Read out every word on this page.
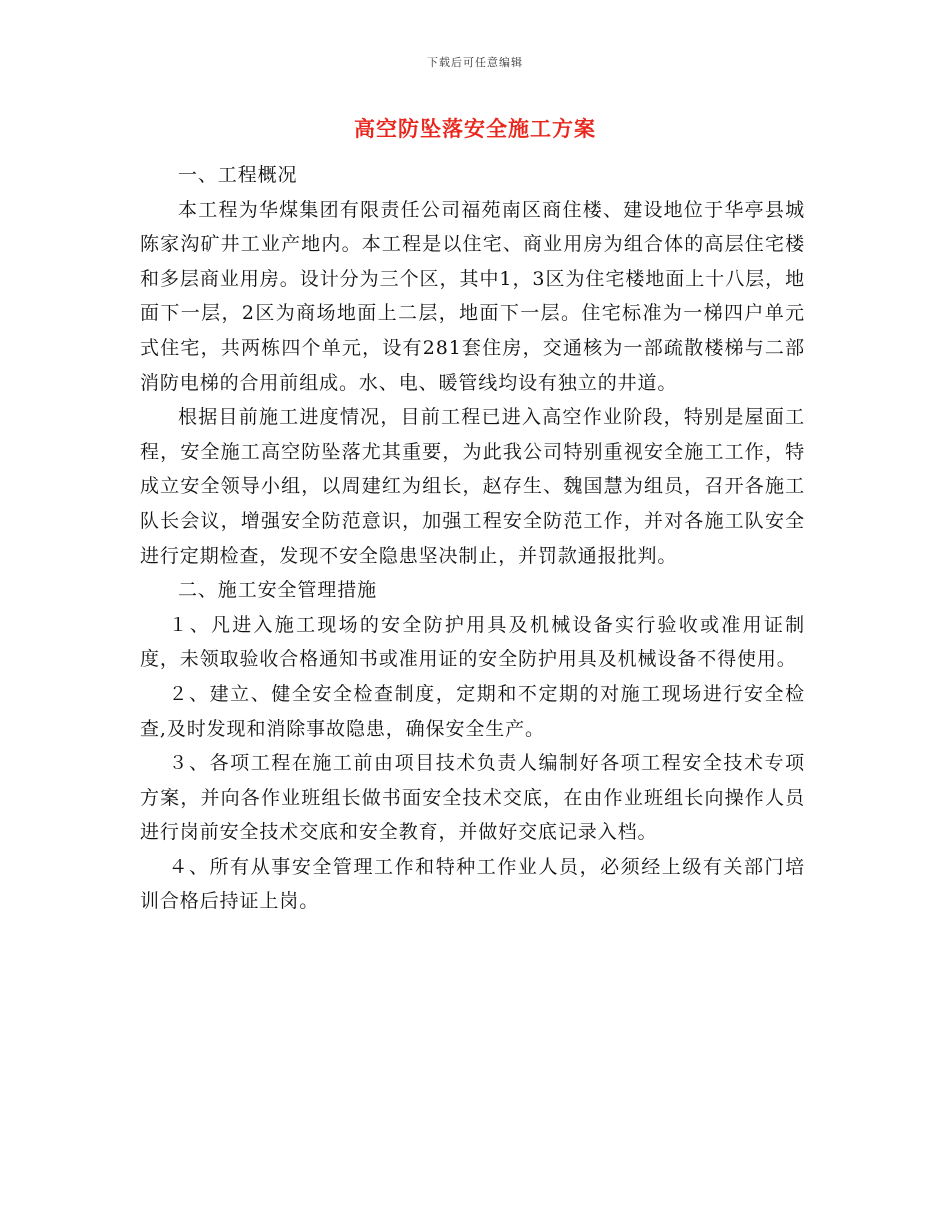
下载后可任意编辑
高空防坠落安全施工方案

一、工程概况

本工程为华煤集团有限责任公司福苑南区商住楼、建设地位于华亭县城陈家沟矿井工业产地内。本工程是以住宅、商业用房为组合体的高层住宅楼和多层商业用房。设计分为三个区，其中1，3区为住宅楼地面上十八层，地面下一层，2区为商场地面上二层，地面下一层。住宅标准为一梯四户单元式住宅，共两栋四个单元，设有281套住房，交通核为一部疏散楼梯与二部消防电梯的合用前组成。水、电、暖管线均设有独立的井道。

根据目前施工进度情况，目前工程已进入高空作业阶段，特别是屋面工程，安全施工高空防坠落尤其重要，为此我公司特别重视安全施工工作，特成立安全领导小组，以周建红为组长，赵存生、魏国慧为组员，召开各施工队长会议，增强安全防范意识，加强工程安全防范工作，并对各施工队安全进行定期检查，发现不安全隐患坚决制止，并罚款通报批判。

二、施工安全管理措施

１、凡进入施工现场的安全防护用具及机械设备实行验收或准用证制度，未领取验收合格通知书或准用证的安全防护用具及机械设备不得使用。

２、建立、健全安全检查制度，定期和不定期的对施工现场进行安全检查,及时发现和消除事故隐患，确保安全生产。

３、各项工程在施工前由项目技术负责人编制好各项工程安全技术专项方案，并向各作业班组长做书面安全技术交底，在由作业班组长向操作人员进行岗前安全技术交底和安全教育，并做好交底记录入档。

４、所有从事安全管理工作和特种工作业人员，必须经上级有关部门培训合格后持证上岗。
